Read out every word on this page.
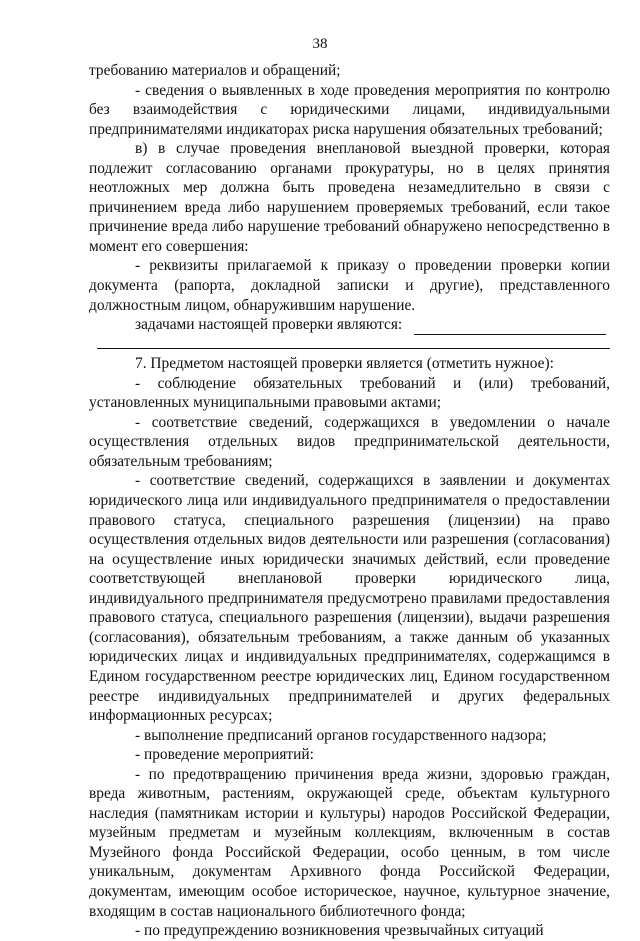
38

требованию материалов и обращений;

- сведения о выявленных в ходе проведения мероприятия по контролю без взаимодействия с юридическими лицами, индивидуальными предпринимателями индикаторах риска нарушения обязательных требований;

в) в случае проведения внеплановой выездной проверки, которая подлежит согласованию органами прокуратуры, но в целях принятия неотложных мер должна быть проведена незамедлительно в связи с причинением вреда либо нарушением проверяемых требований, если такое причинение вреда либо нарушение требований обнаружено непосредственно в момент его совершения:

- реквизиты прилагаемой к приказу о проведении проверки копии документа (рапорта, докладной записки и другие), представленного должностным лицом, обнаружившим нарушение.

задачами настоящей проверки являются:

7. Предметом настоящей проверки является (отметить нужное):

- соблюдение обязательных требований и (или) требований, установленных муниципальными правовыми актами;

- соответствие сведений, содержащихся в уведомлении о начале осуществления отдельных видов предпринимательской деятельности, обязательным требованиям;

- соответствие сведений, содержащихся в заявлении и документах юридического лица или индивидуального предпринимателя о предоставлении правового статуса, специального разрешения (лицензии) на право осуществления отдельных видов деятельности или разрешения (согласования) на осуществление иных юридически значимых действий, если проведение соответствующей внеплановой проверки юридического лица, индивидуального предпринимателя предусмотрено правилами предоставления правового статуса, специального разрешения (лицензии), выдачи разрешения (согласования), обязательным требованиям, а также данным об указанных юридических лицах и индивидуальных предпринимателях, содержащимся в Едином государственном реестре юридических лиц, Едином государственном реестре индивидуальных предпринимателей и других федеральных информационных ресурсах;

- выполнение предписаний органов государственного надзора;

- проведение мероприятий:

- по предотвращению причинения вреда жизни, здоровью граждан, вреда животным, растениям, окружающей среде, объектам культурного наследия (памятникам истории и культуры) народов Российской Федерации, музейным предметам и музейным коллекциям, включенным в состав Музейного фонда Российской Федерации, особо ценным, в том числе уникальным, документам Архивного фонда Российской Федерации, документам, имеющим особое историческое, научное, культурное значение, входящим в состав национального библиотечного фонда;

- по предупреждению возникновения чрезвычайных ситуаций
